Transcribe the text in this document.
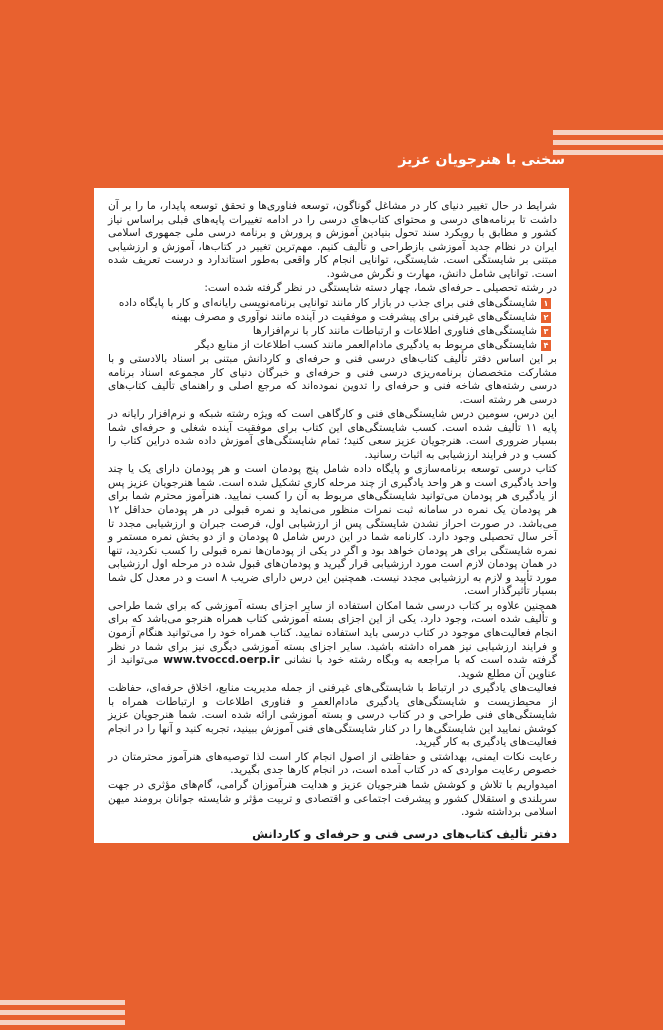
سخنی با هنرجویان عزیز

شرایط در حال تغییر دنیای کار در مشاغل گوناگون، توسعه فناوری‌ها و تحقق توسعه پایدار، ما را بر آن داشت تا برنامه‌های درسی و محتوای کتاب‌های درسی را در ادامه تغییرات پایه‌های قبلی براساس نیاز کشور و مطابق با رویکرد سند تحول بنیادین آموزش و پرورش و برنامه درسی ملی جمهوری اسلامی ایران در نظام جدید آموزشی بازطراحی و تألیف کنیم. مهم‌ترین تغییر در کتاب‌ها، آموزش و ارزشیابی مبتنی بر شایستگی است. شایستگی، توانایی انجام کار واقعی به‌طور استاندارد و درست تعریف شده است. توانایی شامل دانش، مهارت و نگرش می‌شود.

در رشته تحصیلی ـ حرفه‌ای شما، چهار دسته شایستگی در نظر گرفته شده است:

۱
شایستگی‌های فنی برای جذب در بازار کار مانند توانایی برنامه‌نویسی رایانه‌ای و کار با پایگاه داده
۲
شایستگی‌های غیرفنی برای پیشرفت و موفقیت در آینده مانند نوآوری و مصرف بهینه
۳
شایستگی‌های فناوری اطلاعات و ارتباطات مانند کار با نرم‌افزارها
۴
شایستگی‌های مربوط به یادگیری مادام‌العمر مانند کسب اطلاعات از منابع دیگر

بر این اساس دفتر تألیف کتاب‌های درسی فنی و حرفه‌ای و کاردانش مبتنی بر اسناد بالادستی و با مشارکت متخصصان برنامه‌ریزی درسی فنی و حرفه‌ای و خبرگان دنیای کار مجموعه اسناد برنامه درسی رشته‌های شاخه فنی و حرفه‌ای را تدوین نموده‌اند که مرجع اصلی و راهنمای تألیف کتاب‌های درسی هر رشته است.

این درس، سومین درس شایستگی‌های فنی و کارگاهی است که ویژه رشته شبکه و نرم‌افزار رایانه در پایه ۱۱ تألیف شده است. کسب شایستگی‌های این کتاب برای موفقیت آینده شغلی و حرفه‌ای شما بسیار ضروری است. هنرجویان عزیز سعی کنید؛ تمام شایستگی‌های آموزش داده شده دراین کتاب را کسب و در فرایند ارزشیابی به اثبات رسانید.

کتاب درسی توسعه برنامه‌سازی و پایگاه داده شامل پنج پودمان است و هر پودمان دارای یک یا چند واحد یادگیری است و هر واحد یادگیری از چند مرحله کاری تشکیل شده است. شما هنرجویان عزیز پس از یادگیری هر پودمان می‌توانید شایستگی‌های مربوط به آن را کسب نمایید. هنرآموز محترم شما برای هر پودمان یک نمره در سامانه ثبت نمرات منظور می‌نماید و نمره قبولی در هر پودمان حداقل ۱۲ می‌باشد. در صورت احراز نشدن شایستگی پس از ارزشیابی اول، فرصت جبران و ارزشیابی مجدد تا آخر سال تحصیلی وجود دارد. کارنامه شما در این درس شامل ۵ پودمان و از دو بخش نمره مستمر و نمره شایستگی برای هر پودمان خواهد بود و اگر در یکی از پودمان‌ها نمره قبولی را کسب نکردید، تنها در همان پودمان لازم است مورد ارزشیابی قرار گیرید و پودمان‌های قبول شده در مرحله اول ارزشیابی مورد تأیید و لازم به ارزشیابی مجدد نیست. همچنین این درس دارای ضریب ۸ است و در معدل کل شما بسیار تأثیرگذار است.

همچنین علاوه بر کتاب درسی شما امکان استفاده از سایر اجزای بسته آموزشی که برای شما طراحی و تألیف شده است، وجود دارد. یکی از این اجزای بسته آموزشی کتاب همراه هنرجو می‌باشد که برای انجام فعالیت‌های موجود در کتاب درسی باید استفاده نمایید. کتاب همراه خود را می‌توانید هنگام آزمون و فرایند ارزشیابی نیز همراه داشته باشید. سایر اجزای بسته آموزشی دیگری نیز برای شما در نظر گرفته شده است که با مراجعه به وبگاه رشته خود با نشانی www.tvoccd.oerp.ir می‌توانید از عناوین آن مطلع شوید.

فعالیت‌های یادگیری در ارتباط با شایستگی‌های غیرفنی از جمله مدیریت منابع، اخلاق حرفه‌ای، حفاظت از محیط‌زیست و شایستگی‌های یادگیری مادام‌العمر و فناوری اطلاعات و ارتباطات همراه با شایستگی‌های فنی طراحی و در کتاب درسی و بسته آموزشی ارائه شده است. شما هنرجویان عزیز کوشش نمایید این شایستگی‌ها را در کنار شایستگی‌های فنی آموزش ببینید، تجربه کنید و آنها را در انجام فعالیت‌های یادگیری به کار گیرید.

رعایت نکات ایمنی، بهداشتی و حفاظتی از اصول انجام کار است لذا توصیه‌های هنرآموز محترمتان در خصوص رعایت مواردی که در کتاب آمده است، در انجام کارها جدی بگیرید.

امیدواریم با تلاش و کوشش شما هنرجویان عزیز و هدایت هنرآموزان گرامی، گام‌های مؤثری در جهت سربلندی و استقلال کشور و پیشرفت اجتماعی و اقتصادی و تربیت مؤثر و شایسته جوانان برومند میهن اسلامی برداشته شود.

دفتر تألیف کتاب‌های درسی فنی و حرفه‌ای و کاردانش
